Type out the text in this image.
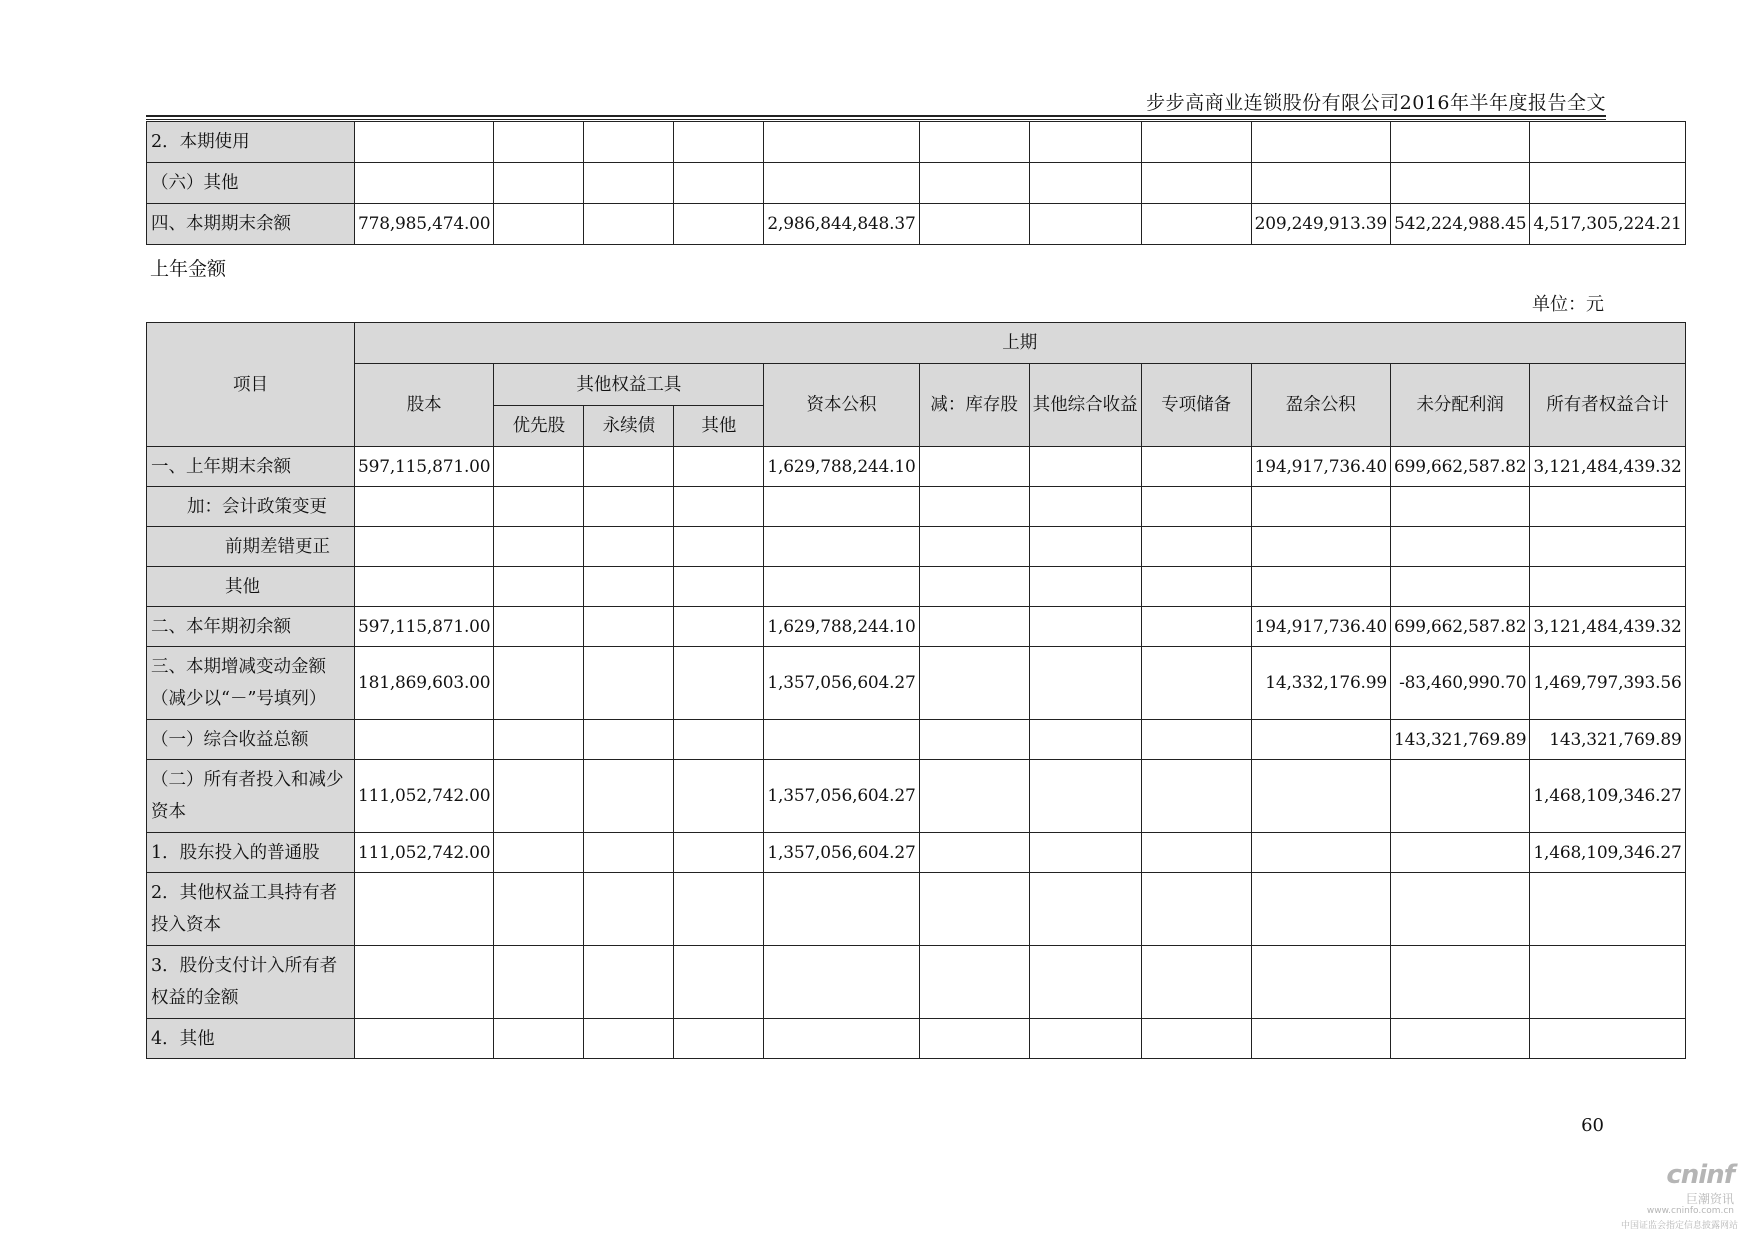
步步高商业连锁股份有限公司2016年半年度报告全文
2．本期使用											
（六）其他											
四、本期期末余额	778,985,474.00				2,986,844,848.37				209,249,913.39	542,224,988.45	4,517,305,224.21
上年金额
单位：元
项目	上期										
	股本	其他权益工具			资本公积	减：库存股	其他综合收益	专项储备	盈余公积	未分配利润	所有者权益合计
		优先股	永续债	其他							
一、上年期末余额	597,115,871.00				1,629,788,244.10				194,917,736.40	699,662,587.82	3,121,484,439.32
加：会计政策变更											
前期差错更正											
其他											
二、本年期初余额	597,115,871.00				1,629,788,244.10				194,917,736.40	699,662,587.82	3,121,484,439.32
三、本期增减变动金额（减少以“－”号填列）	181,869,603.00				1,357,056,604.27				14,332,176.99	-83,460,990.70	1,469,797,393.56
（一）综合收益总额										143,321,769.89	143,321,769.89
（二）所有者投入和减少资本	111,052,742.00				1,357,056,604.27						1,468,109,346.27
1．股东投入的普通股	111,052,742.00				1,357,056,604.27						1,468,109,346.27
2．其他权益工具持有者投入资本											
3．股份支付计入所有者权益的金额											
4．其他											
60
cninf
巨潮资讯
www.cninfo.com.cn
中国证监会指定信息披露网站
